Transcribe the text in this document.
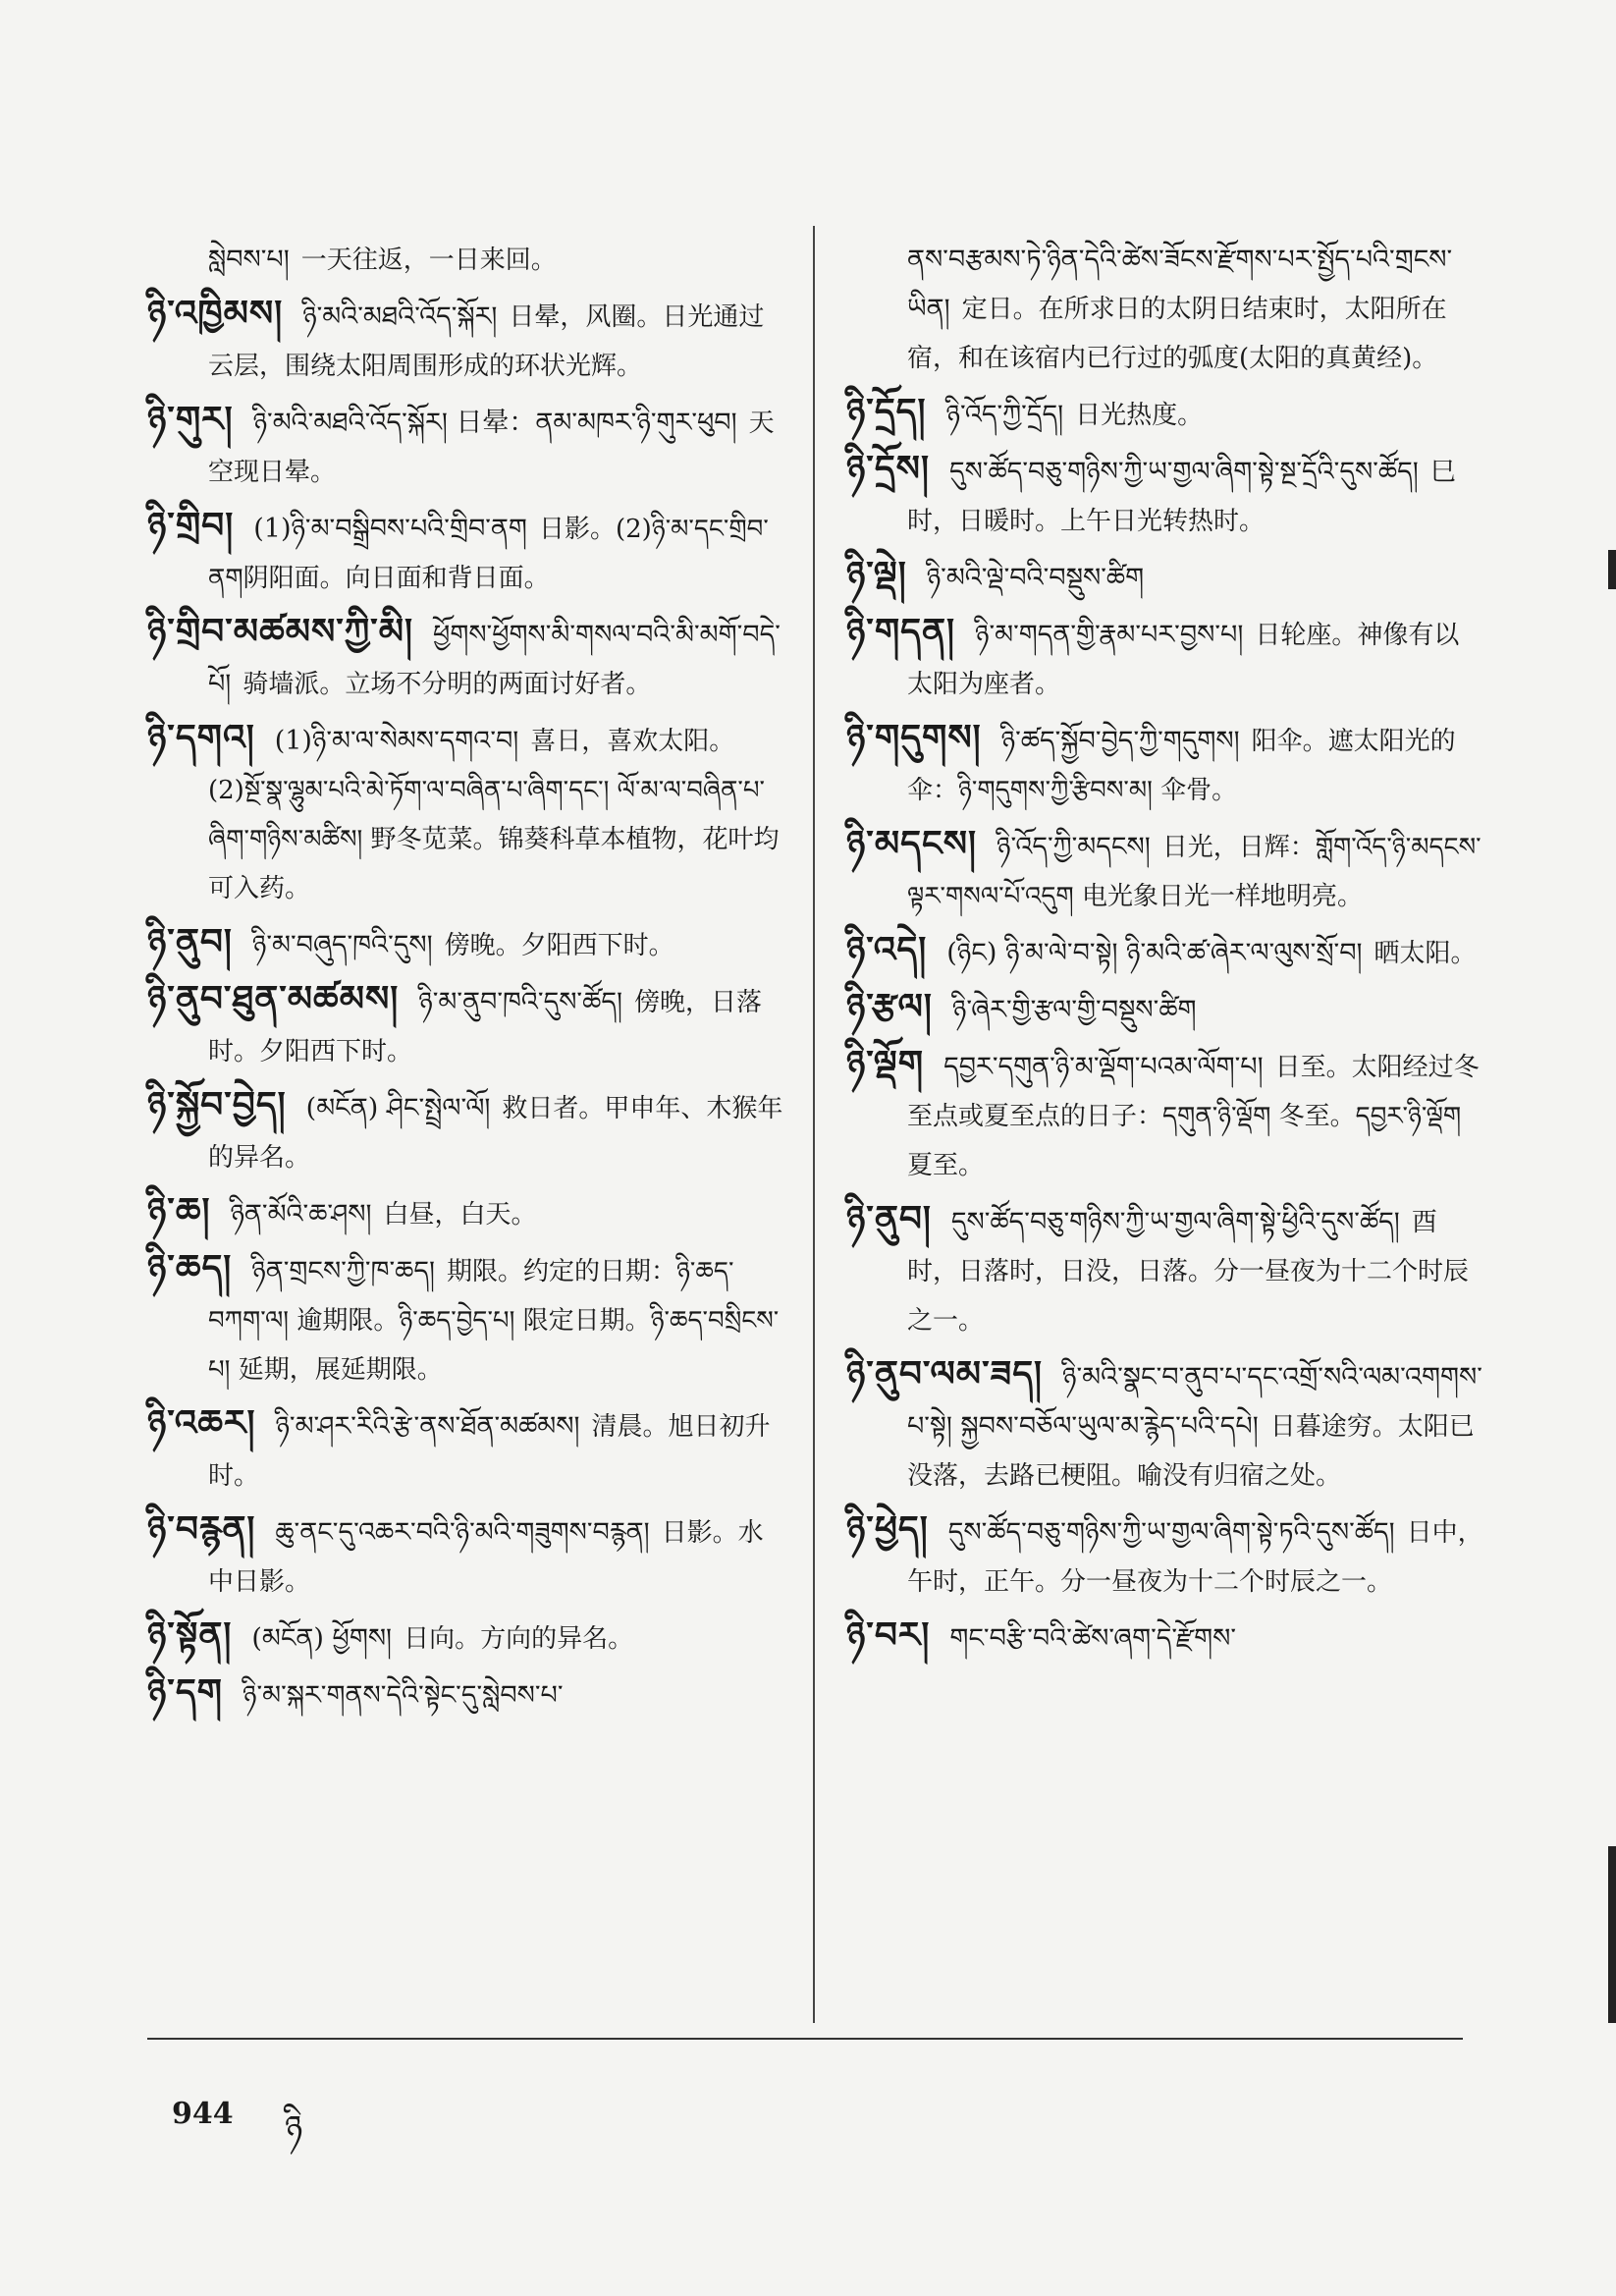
སླེབས་པ། 一天往返，一日来回。
ཉི་འཁྱིམས། ཉི་མའི་མཐའི་འོད་སྐོར། 日晕，风圈。日光通过云层，围绕太阳周围形成的环状光辉。
ཉི་གུར། ཉི་མའི་མཐའི་འོད་སྐོར། 日晕：ནམ་མཁར་ཉི་གུར་ཕུབ། 天空现日晕。
ཉི་གྲིབ། (1)ཉི་མ་བསྒྲིབས་པའི་གྲིབ་ནག 日影。(2)ཉི་མ་དང་གྲིབ་ནག阴阳面。向日面和背日面。
ཉི་གྲིབ་མཚམས་ཀྱི་མི། ཕྱོགས་ཕྱོགས་མི་གསལ་བའི་མི་མགོ་བདེ་པོ། 骑墙派。立场不分明的两面讨好者。
ཉི་དགའ། (1)ཉི་མ་ལ་སེམས་དགའ་བ། 喜日，喜欢太阳。(2)སྔོ་སྣ་ལྷུམ་པའི་མེ་ཏོག་ལ་བཞིན་པ་ཞིག་དང་། ལོ་མ་ལ་བཞིན་པ་ཞིག་གཉིས་མཚིས། 野冬苋菜。锦葵科草本植物，花叶均可入药。
ཉི་ནུབ། ཉི་མ་བཞུད་ཁའི་དུས། 傍晚。夕阳西下时。
ཉི་ནུབ་ཐུན་མཚམས། ཉི་མ་ནུབ་ཁའི་དུས་ཚོད། 傍晚，日落时。夕阳西下时。
ཉི་སྐྱོབ་བྱེད། (མངོན) ཤིང་སྤྲེལ་ལོ། 救日者。甲申年、木猴年的异名。
ཉི་ཆ། ཉིན་མོའི་ཆ་ཤས། 白昼，白天。
ཉི་ཆད། ཉིན་གྲངས་ཀྱི་ཁ་ཆད། 期限。约定的日期：ཉི་ཆད་བཀག་ལ། 逾期限。ཉི་ཆད་བྱེད་པ། 限定日期。ཉི་ཆད་བསྲིངས་པ། 延期，展延期限。
ཉི་འཆར། ཉི་མ་ཤར་རིའི་རྩེ་ནས་ཐོན་མཚམས། 清晨。旭日初升时。
ཉི་བརྙན། ཆུ་ནང་དུ་འཆར་བའི་ཉི་མའི་གཟུགས་བརྙན། 日影。水中日影。
ཉི་སྟོན། (མངོན) ཕྱོགས། 日向。方向的异名。
ཉི་དག ཉི་མ་སྐར་གནས་དེའི་སྟེང་དུ་སླེབས་པ་
ནས་བརྩམས་ཏེ་ཉིན་དེའི་ཚེས་ཟོངས་རྫོགས་པར་སྤྱོད་པའི་གྲངས་ཡིན། 定日。在所求日的太阴日结束时，太阳所在宿，和在该宿内已行过的弧度(太阳的真黄经)。
ཉི་དྲོད། ཉི་འོད་ཀྱི་དྲོད། 日光热度。
ཉི་དྲོས། དུས་ཚོད་བཅུ་གཉིས་ཀྱི་ཡ་གྱལ་ཞིག་སྟེ་སྔ་དྲོའི་དུས་ཚོད། 巳时，日暖时。上午日光转热时。
ཉི་ལྡེ། ཉི་མའི་ལྡེ་བའི་བསྡུས་ཚིག
ཉི་གདན། ཉི་མ་གདན་གྱི་རྣམ་པར་བྱས་པ། 日轮座。神像有以太阳为座者。
ཉི་གདུགས། ཉི་ཚད་སྐྱོབ་བྱེད་ཀྱི་གདུགས། 阳伞。遮太阳光的伞：ཉི་གདུགས་ཀྱི་རྩིབས་མ། 伞骨。
ཉི་མདངས། ཉི་འོད་ཀྱི་མདངས། 日光，日辉：གློག་འོད་ཉི་མདངས་ལྟར་གསལ་པོ་འདུག 电光象日光一样地明亮。
ཉི་འདེ། (ཉིང) ཉི་མ་ལེ་བ་སྟེ། ཉི་མའི་ཚ་ཞེར་ལ་ལུས་སྲོ་བ། 晒太阳。
ཉི་རྩལ། ཉི་ཞེར་གྱི་རྩལ་གྱི་བསྡུས་ཚིག
ཉི་ལྡོག དབྱར་དགུན་ཉི་མ་ལྡོག་པའམ་ལོག་པ། 日至。太阳经过冬至点或夏至点的日子：དགུན་ཉི་ལྡོག 冬至。དབྱར་ཉི་ལྡོག 夏至。
ཉི་ནུབ། དུས་ཚོད་བཅུ་གཉིས་ཀྱི་ཡ་གྱལ་ཞིག་སྟེ་ཕྱིའི་དུས་ཚོད། 酉时，日落时，日没，日落。分一昼夜为十二个时辰之一。
ཉི་ནུབ་ལམ་ཟད། ཉི་མའི་སྣང་བ་ནུབ་པ་དང་འགྲོ་སའི་ལམ་འགགས་པ་སྟེ། སྐྱབས་བཅོལ་ཡུལ་མ་རྙེད་པའི་དཔེ། 日暮途穷。太阳已没落，去路已梗阻。喻没有归宿之处。
ཉི་ཕྱེད། དུས་ཚོད་བཅུ་གཉིས་ཀྱི་ཡ་གྱལ་ཞིག་སྟེ་ཏའི་དུས་ཚོད། 日中，午时，正午。分一昼夜为十二个时辰之一。
ཉི་བར། གང་བརྩི་བའི་ཚེས་ཞག་དེ་རྫོགས་
944 ཉི
